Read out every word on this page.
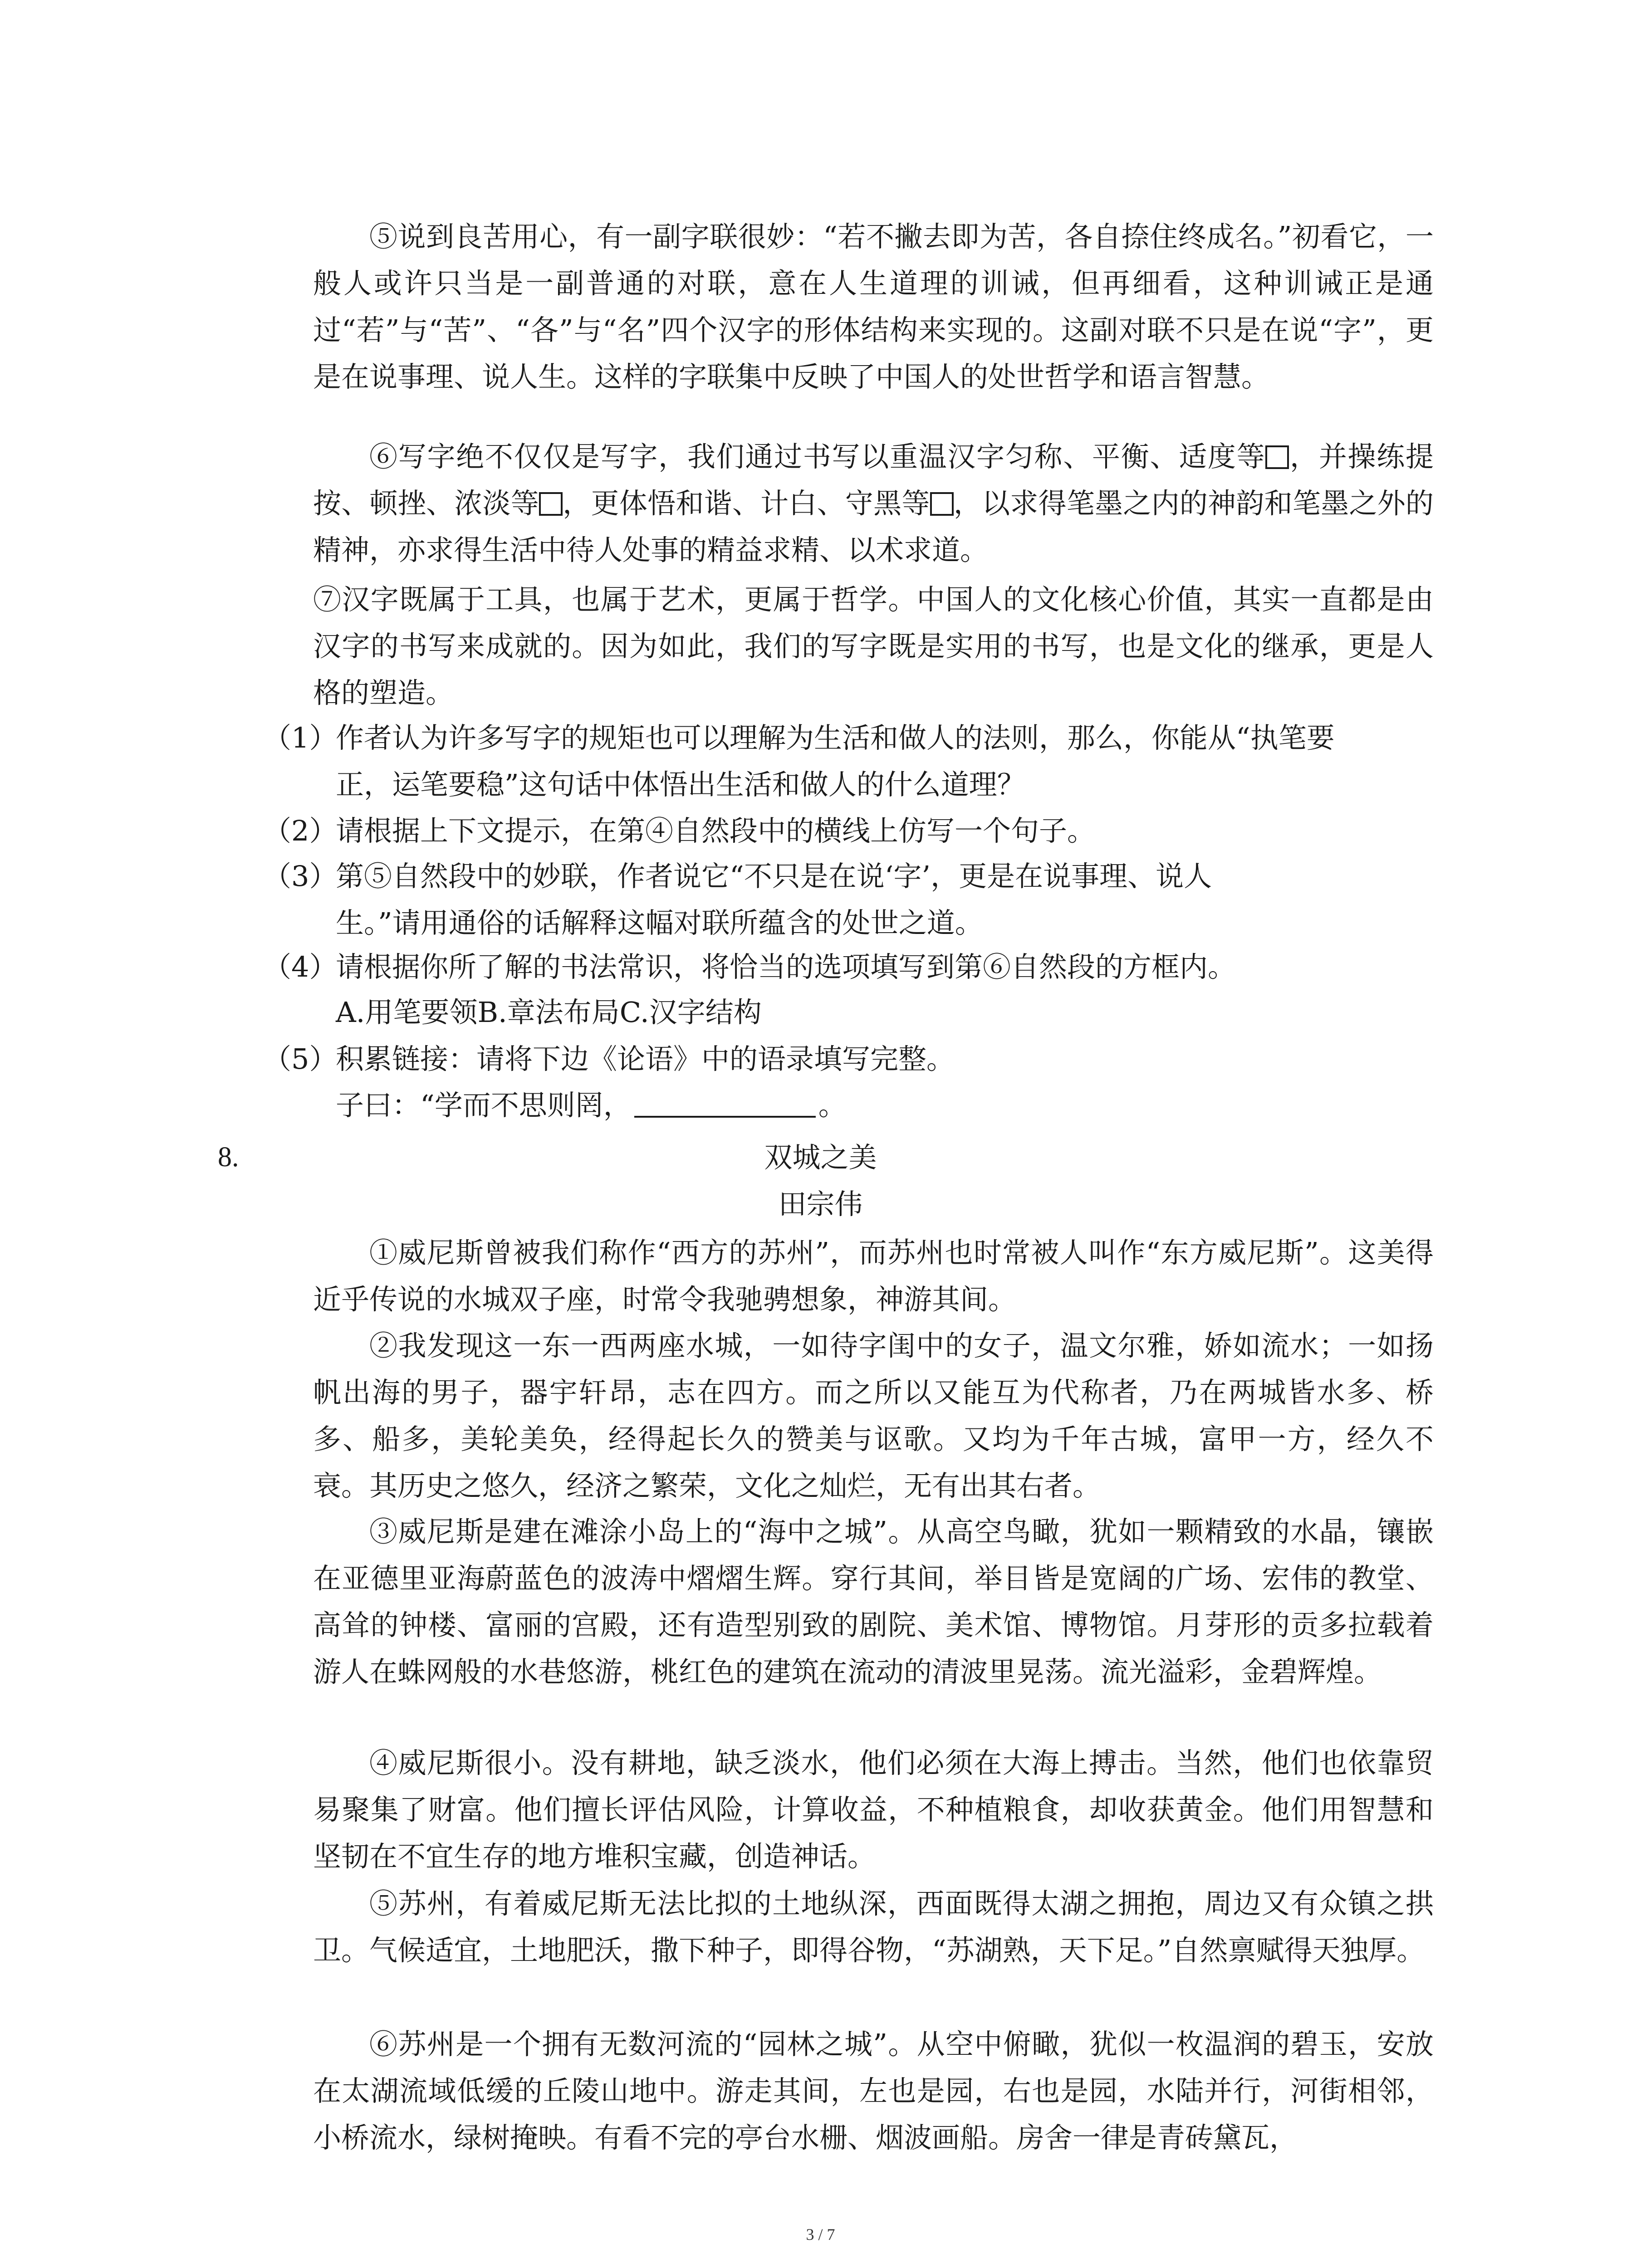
⑤说到良苦用心，有一副字联很妙：“若不撇去即为苦，各自捺住终成名。”初看它，一般人或许只当是一副普通的对联，意在人生道理的训诫，但再细看，这种训诫正是通过“若”与“苦”、“各”与“名”四个汉字的形体结构来实现的。这副对联不只是在说“字”，更是在说事理、说人生。这样的字联集中反映了中国人的处世哲学和语言智慧。

⑥写字绝不仅仅是写字，我们通过书写以重温汉字匀称、平衡、适度等 ，并操练提按、顿挫、浓淡等 ，更体悟和谐、计白、守黑等 ，以求得笔墨之内的神韵和笔墨之外的精神，亦求得生活中待人处事的精益求精、以术求道。

⑦汉字既属于工具，也属于艺术，更属于哲学。中国人的文化核心价值，其实一直都是由汉字的书写来成就的。因为如此，我们的写字既是实用的书写，也是文化的继承，更是人格的塑造。

（1）作者认为许多写字的规矩也可以理解为生活和做人的法则，那么，你能从“执笔要
正，运笔要稳”这句话中体悟出生活和做人的什么道理？
（2）请根据上下文提示，在第④自然段中的横线上仿写一个句子。
（3）第⑤自然段中的妙联，作者说它“不只是在说‘字’，更是在说事理、说人
生。”请用通俗的话解释这幅对联所蕴含的处世之道。
（4）请根据你所了解的书法常识，将恰当的选项填写到第⑥自然段的方框内。
A.用笔要领B.章法布局C.汉字结构
（5）积累链接：请将下边《论语》中的语录填写完整。
子曰：“学而不思则罔，	。
8.	双城之美
田宗伟

①威尼斯曾被我们称作“西方的苏州”，而苏州也时常被人叫作“东方威尼斯”。这美得近乎传说的水城双子座，时常令我驰骋想象，神游其间。

②我发现这一东一西两座水城，一如待字闺中的女子，温文尔雅，娇如流水；一如扬帆出海的男子，器宇轩昂，志在四方。而之所以又能互为代称者，乃在两城皆水多、桥多、船多，美轮美奂，经得起长久的赞美与讴歌。又均为千年古城，富甲一方，经久不衰。其历史之悠久，经济之繁荣，文化之灿烂，无有出其右者。

③威尼斯是建在滩涂小岛上的“海中之城”。从高空鸟瞰，犹如一颗精致的水晶，镶嵌在亚德里亚海蔚蓝色的波涛中熠熠生辉。穿行其间，举目皆是宽阔的广场、宏伟的教堂、高耸的钟楼、富丽的宫殿，还有造型别致的剧院、美术馆、博物馆。月芽形的贡多拉载着游人在蛛网般的水巷悠游，桃红色的建筑在流动的清波里晃荡。流光溢彩，金碧辉煌。

④威尼斯很小。没有耕地，缺乏淡水，他们必须在大海上搏击。当然，他们也依靠贸易聚集了财富。他们擅长评估风险，计算收益，不种植粮食，却收获黄金。他们用智慧和坚韧在不宜生存的地方堆积宝藏，创造神话。

⑤苏州，有着威尼斯无法比拟的土地纵深，西面既得太湖之拥抱，周边又有众镇之拱卫。气候适宜，土地肥沃，撒下种子，即得谷物，“苏湖熟，天下足。”自然禀赋得天独厚。

⑥苏州是一个拥有无数河流的“园林之城”。从空中俯瞰，犹似一枚温润的碧玉，安放在太湖流域低缓的丘陵山地中。游走其间，左也是园，右也是园，水陆并行，河街相邻，小桥流水，绿树掩映。有看不完的亭台水栅、烟波画船。房舍一律是青砖黛瓦，

3 / 7
